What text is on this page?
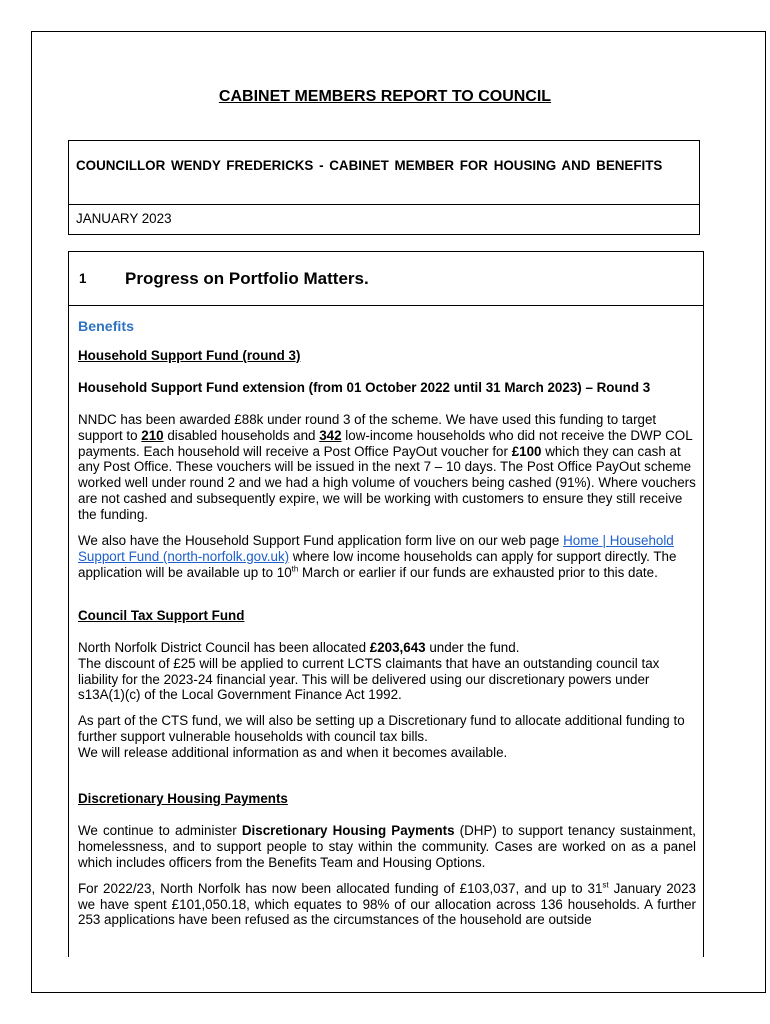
CABINET MEMBERS REPORT TO COUNCIL
COUNCILLOR WENDY FREDERICKS - CABINET MEMBER FOR HOUSING AND BENEFITS
JANUARY 2023
1	Progress on Portfolio Matters.

Benefits

Household Support Fund (round 3)

Household Support Fund extension (from 01 October 2022 until 31 March 2023) – Round 3

NNDC has been awarded £88k under round 3 of the scheme. We have used this funding to target support to 210 disabled households and 342 low-income households who did not receive the DWP COL payments. Each household will receive a Post Office PayOut voucher for £100 which they can cash at any Post Office. These vouchers will be issued in the next 7 – 10 days. The Post Office PayOut scheme worked well under round 2 and we had a high volume of vouchers being cashed (91%). Where vouchers are not cashed and subsequently expire, we will be working with customers to ensure they still receive the funding.

We also have the Household Support Fund application form live on our web page Home | Household Support Fund (north-norfolk.gov.uk) where low income households can apply for support directly. The application will be available up to 10th March or earlier if our funds are exhausted prior to this date.

Council Tax Support Fund

North Norfolk District Council has been allocated £203,643 under the fund.

The discount of £25 will be applied to current LCTS claimants that have an outstanding council tax liability for the 2023-24 financial year. This will be delivered using our discretionary powers under s13A(1)(c) of the Local Government Finance Act 1992.

As part of the CTS fund, we will also be setting up a Discretionary fund to allocate additional funding to further support vulnerable households with council tax bills.

We will release additional information as and when it becomes available.

Discretionary Housing Payments

We continue to administer Discretionary Housing Payments (DHP) to support tenancy sustainment, homelessness, and to support people to stay within the community. Cases are worked on as a panel which includes officers from the Benefits Team and Housing Options.

For 2022/23, North Norfolk has now been allocated funding of £103,037, and up to 31st January 2023 we have spent £101,050.18, which equates to 98% of our allocation across 136 households. A further 253 applications have been refused as the circumstances of the household are outside
